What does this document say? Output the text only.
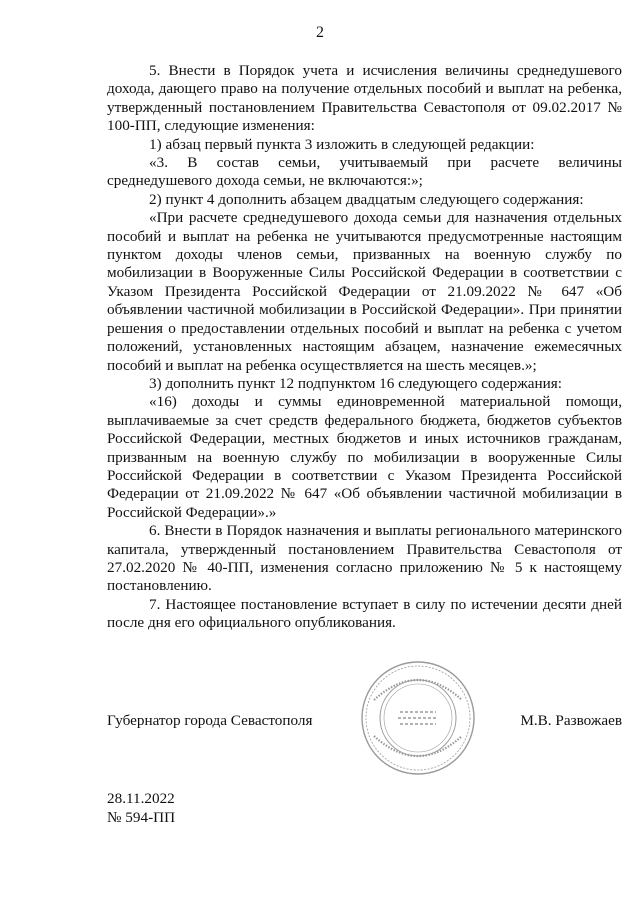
2

5. Внести в Порядок учета и исчисления величины среднедушевого дохода, дающего право на получение отдельных пособий и выплат на ребенка, утвержденный постановлением Правительства Севастополя от 09.02.2017 № 100-ПП, следующие изменения:

1) абзац первый пункта 3 изложить в следующей редакции:

«3. В состав семьи, учитываемый при расчете величины среднедушевого дохода семьи, не включаются:»;

2) пункт 4 дополнить абзацем двадцатым следующего содержания:

«При расчете среднедушевого дохода семьи для назначения отдельных пособий и выплат на ребенка не учитываются предусмотренные настоящим пунктом доходы членов семьи, призванных на военную службу по мобилизации в Вооруженные Силы Российской Федерации в соответствии с Указом Президента Российской Федерации от 21.09.2022 № 647 «Об объявлении частичной мобилизации в Российской Федерации». При принятии решения о предоставлении отдельных пособий и выплат на ребенка с учетом положений, установленных настоящим абзацем, назначение ежемесячных пособий и выплат на ребенка осуществляется на шесть месяцев.»;

3) дополнить пункт 12 подпунктом 16 следующего содержания:

«16) доходы и суммы единовременной материальной помощи, выплачиваемые за счет средств федерального бюджета, бюджетов субъектов Российской Федерации, местных бюджетов и иных источников гражданам, призванным на военную службу по мобилизации в вооруженные Силы Российской Федерации в соответствии с Указом Президента Российской Федерации от 21.09.2022 № 647 «Об объявлении частичной мобилизации в Российской Федерации».»

6. Внести в Порядок назначения и выплаты регионального материнского капитала, утвержденный постановлением Правительства Севастополя от 27.02.2020 № 40-ПП, изменения согласно приложению № 5 к настоящему постановлению.

7. Настоящее постановление вступает в силу по истечении десяти дней после дня его официального опубликования.

Губернатор города Севастополя	М.В. Развожаев
28.11.2022
№ 594-ПП
